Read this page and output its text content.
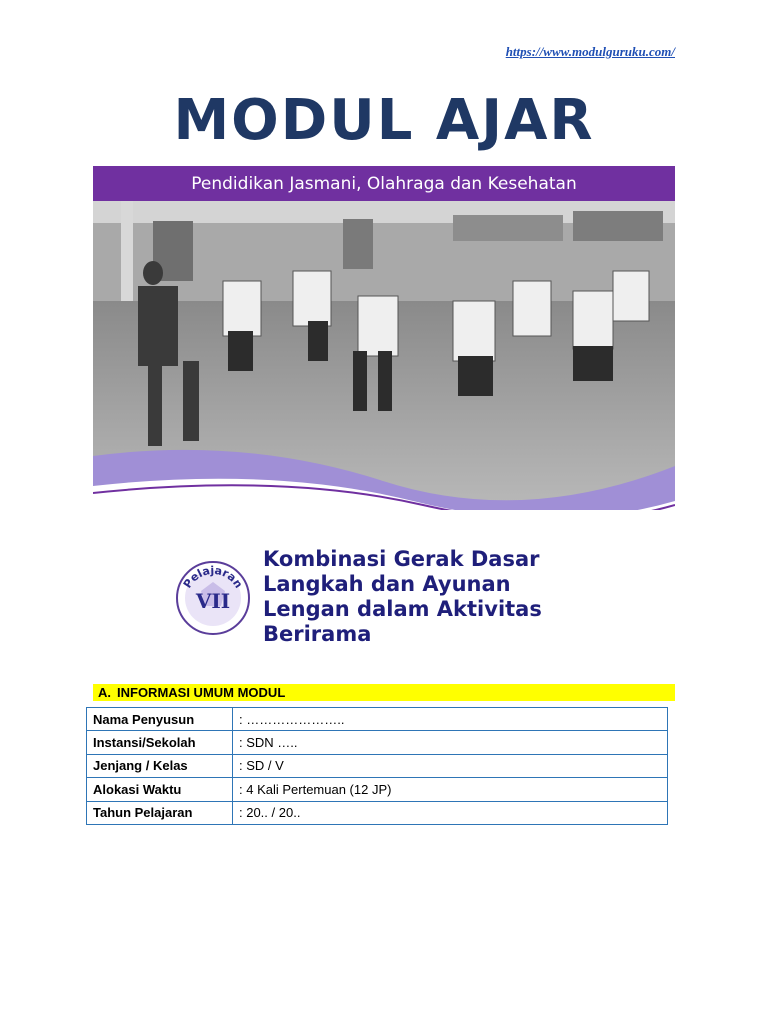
https://www.modulguruku.com/
MODUL AJAR
Pendidikan Jasmani, Olahraga dan Kesehatan
Pelajaran
VII
Kombinasi Gerak Dasar
Langkah dan Ayunan
Lengan dalam Aktivitas
Berirama
A. INFORMASI UMUM MODUL
Nama Penyusun	: …………………..
Instansi/Sekolah	: SDN …..
Jenjang / Kelas	: SD / V
Alokasi Waktu	: 4 Kali Pertemuan (12 JP)
Tahun Pelajaran	: 20.. / 20..
